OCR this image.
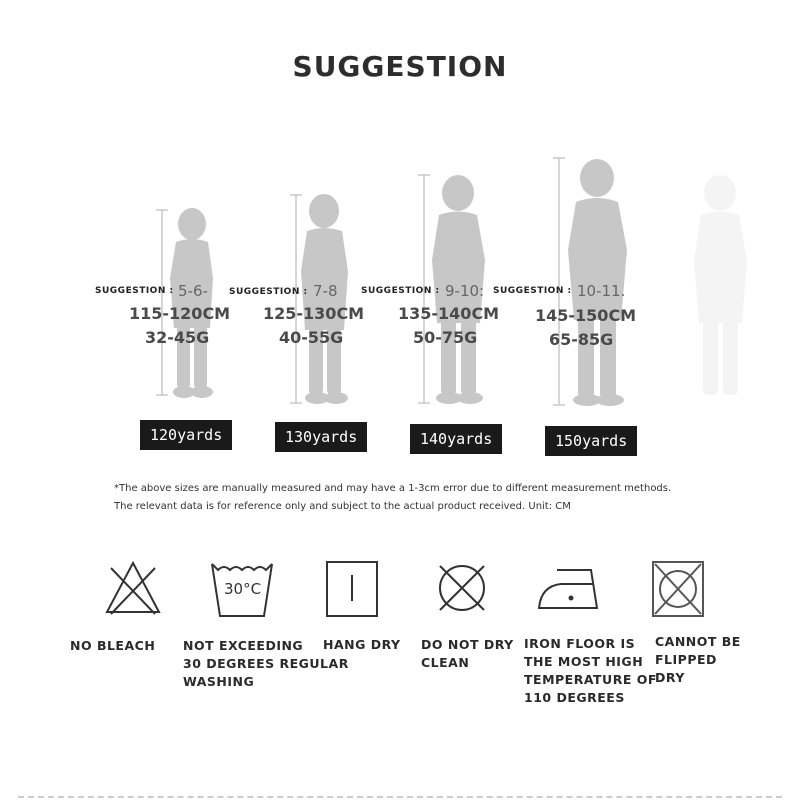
SUGGESTION
SUGGESTION : 5-6-
115-120CM
32-45G
120yards
SUGGESTION : 7-8
125-130CM
40-55G
130yards
SUGGESTION : 9-10:
135-140CM
50-75G
140yards
SUGGESTION : 10-11.
145-150CM
65-85G
150yards
*The above sizes are manually measured and may have a 1-3cm error due to different measurement methods.
The relevant data is for reference only and subject to the actual product received. Unit: CM
30°C
NO BLEACH NOT EXCEEDING
30 DEGREES REGULAR
WASHING
HANG DRY DO NOT DRY
CLEAN
IRON FLOOR IS
THE MOST HIGH
TEMPERATURE OF
110 DEGREES
CANNOT BE FLIPPED
DRY
